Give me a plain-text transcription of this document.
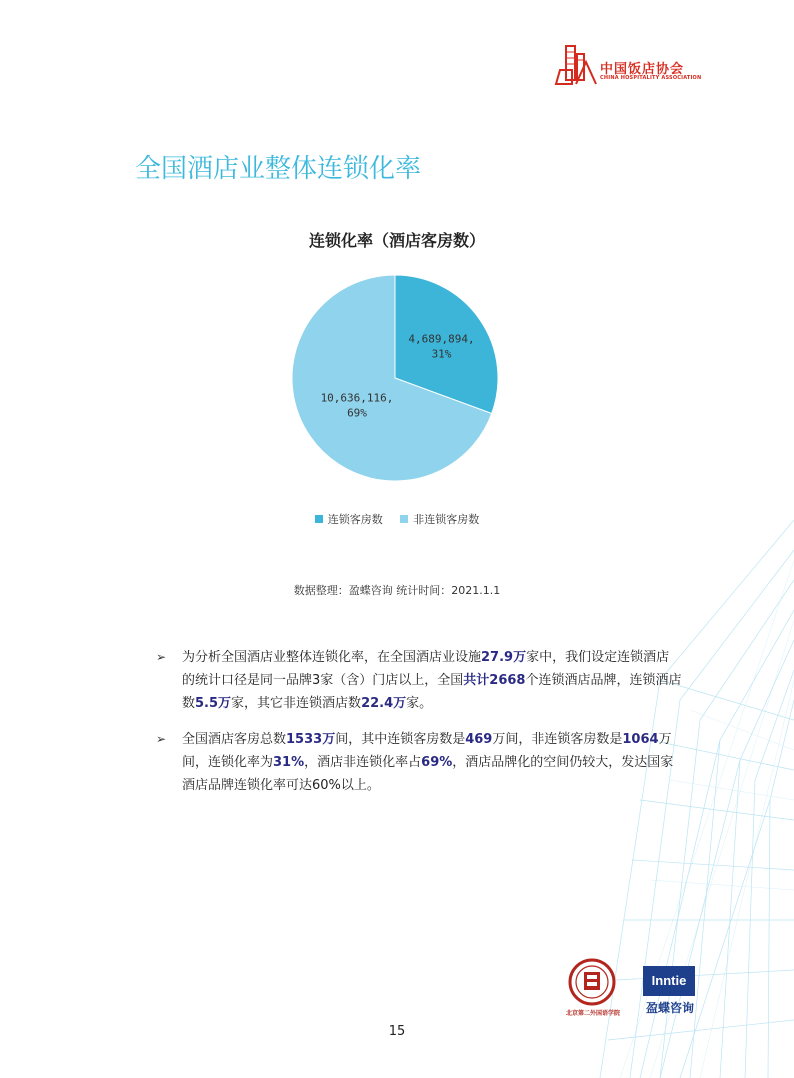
中国饭店协会
CHINA HOSPITALITY ASSOCIATION
全国酒店业整体连锁化率
连锁化率（酒店客房数）
4,689,894,
31%
10,636,116,
69%
连锁客房数	非连锁客房数
数据整理：盈蝶咨询 统计时间：2021.1.1
➢ 为分析全国酒店业整体连锁化率，在全国酒店业设施27.9万家中，我们设定连锁酒店的统计口径是同一品牌3家（含）门店以上，全国共计2668个连锁酒店品牌，连锁酒店数5.5万家，其它非连锁酒店数22.4万家。
➢ 全国酒店客房总数1533万间，其中连锁客房数是469万间，非连锁客房数是1064万间，连锁化率为31%，酒店非连锁化率占69%，酒店品牌化的空间仍较大，发达国家酒店品牌连锁化率可达60%以上。
北京第二外国语学院
Inntie
盈蝶咨询
15
